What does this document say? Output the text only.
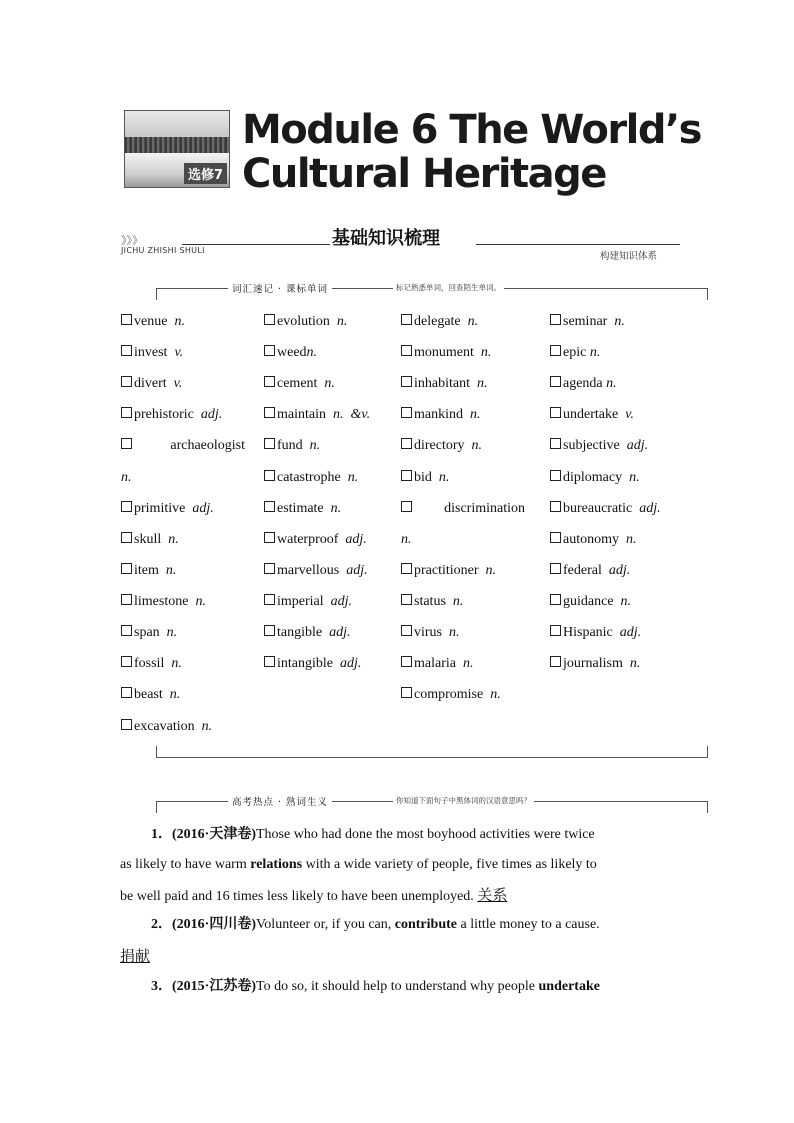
选修7
Module 6 The World’s
Cultural Heritage
》》》
JICHU ZHISHI SHULI
基础知识梳理
构建知识体系
词汇速记 · 课标单词	标记熟悉单词，回查陌生单词。
venue n.
invest v.
divert v.
prehistoric adj.
archaeologist
n.
primitive adj.
skull n.
item n.
limestone n.
span n.
fossil n.
beast n.
excavation n.
evolution n.
weedn.
cement n.
maintain n. &v.
fund n.
catastrophe n.
estimate n.
waterproof adj.
marvellous adj.
imperial adj.
tangible adj.
intangible adj.
delegate n.
monument n.
inhabitant n.
mankind n.
directory n.
bid n.
discrimination
n.
practitioner n.
status n.
virus n.
malaria n.
compromise n.
seminar n.
epic n.
agenda n.
undertake v.
subjective adj.
diplomacy n.
bureaucratic adj.
autonomy n.
federal adj.
guidance n.
Hispanic adj.
journalism n.
高考热点 · 熟词生义	你知道下面句子中黑体词的汉语意思吗？
1．(2016·天津卷)Those who had done the most boyhood activities were twice
as likely to have warm relations with a wide variety of people, five times as likely to
be well paid and 16 times less likely to have been unemployed. 关系
2．(2016·四川卷)Volunteer or, if you can, contribute a little money to a cause.
捐献
3．(2015·江苏卷)To do so, it should help to understand why people undertake
